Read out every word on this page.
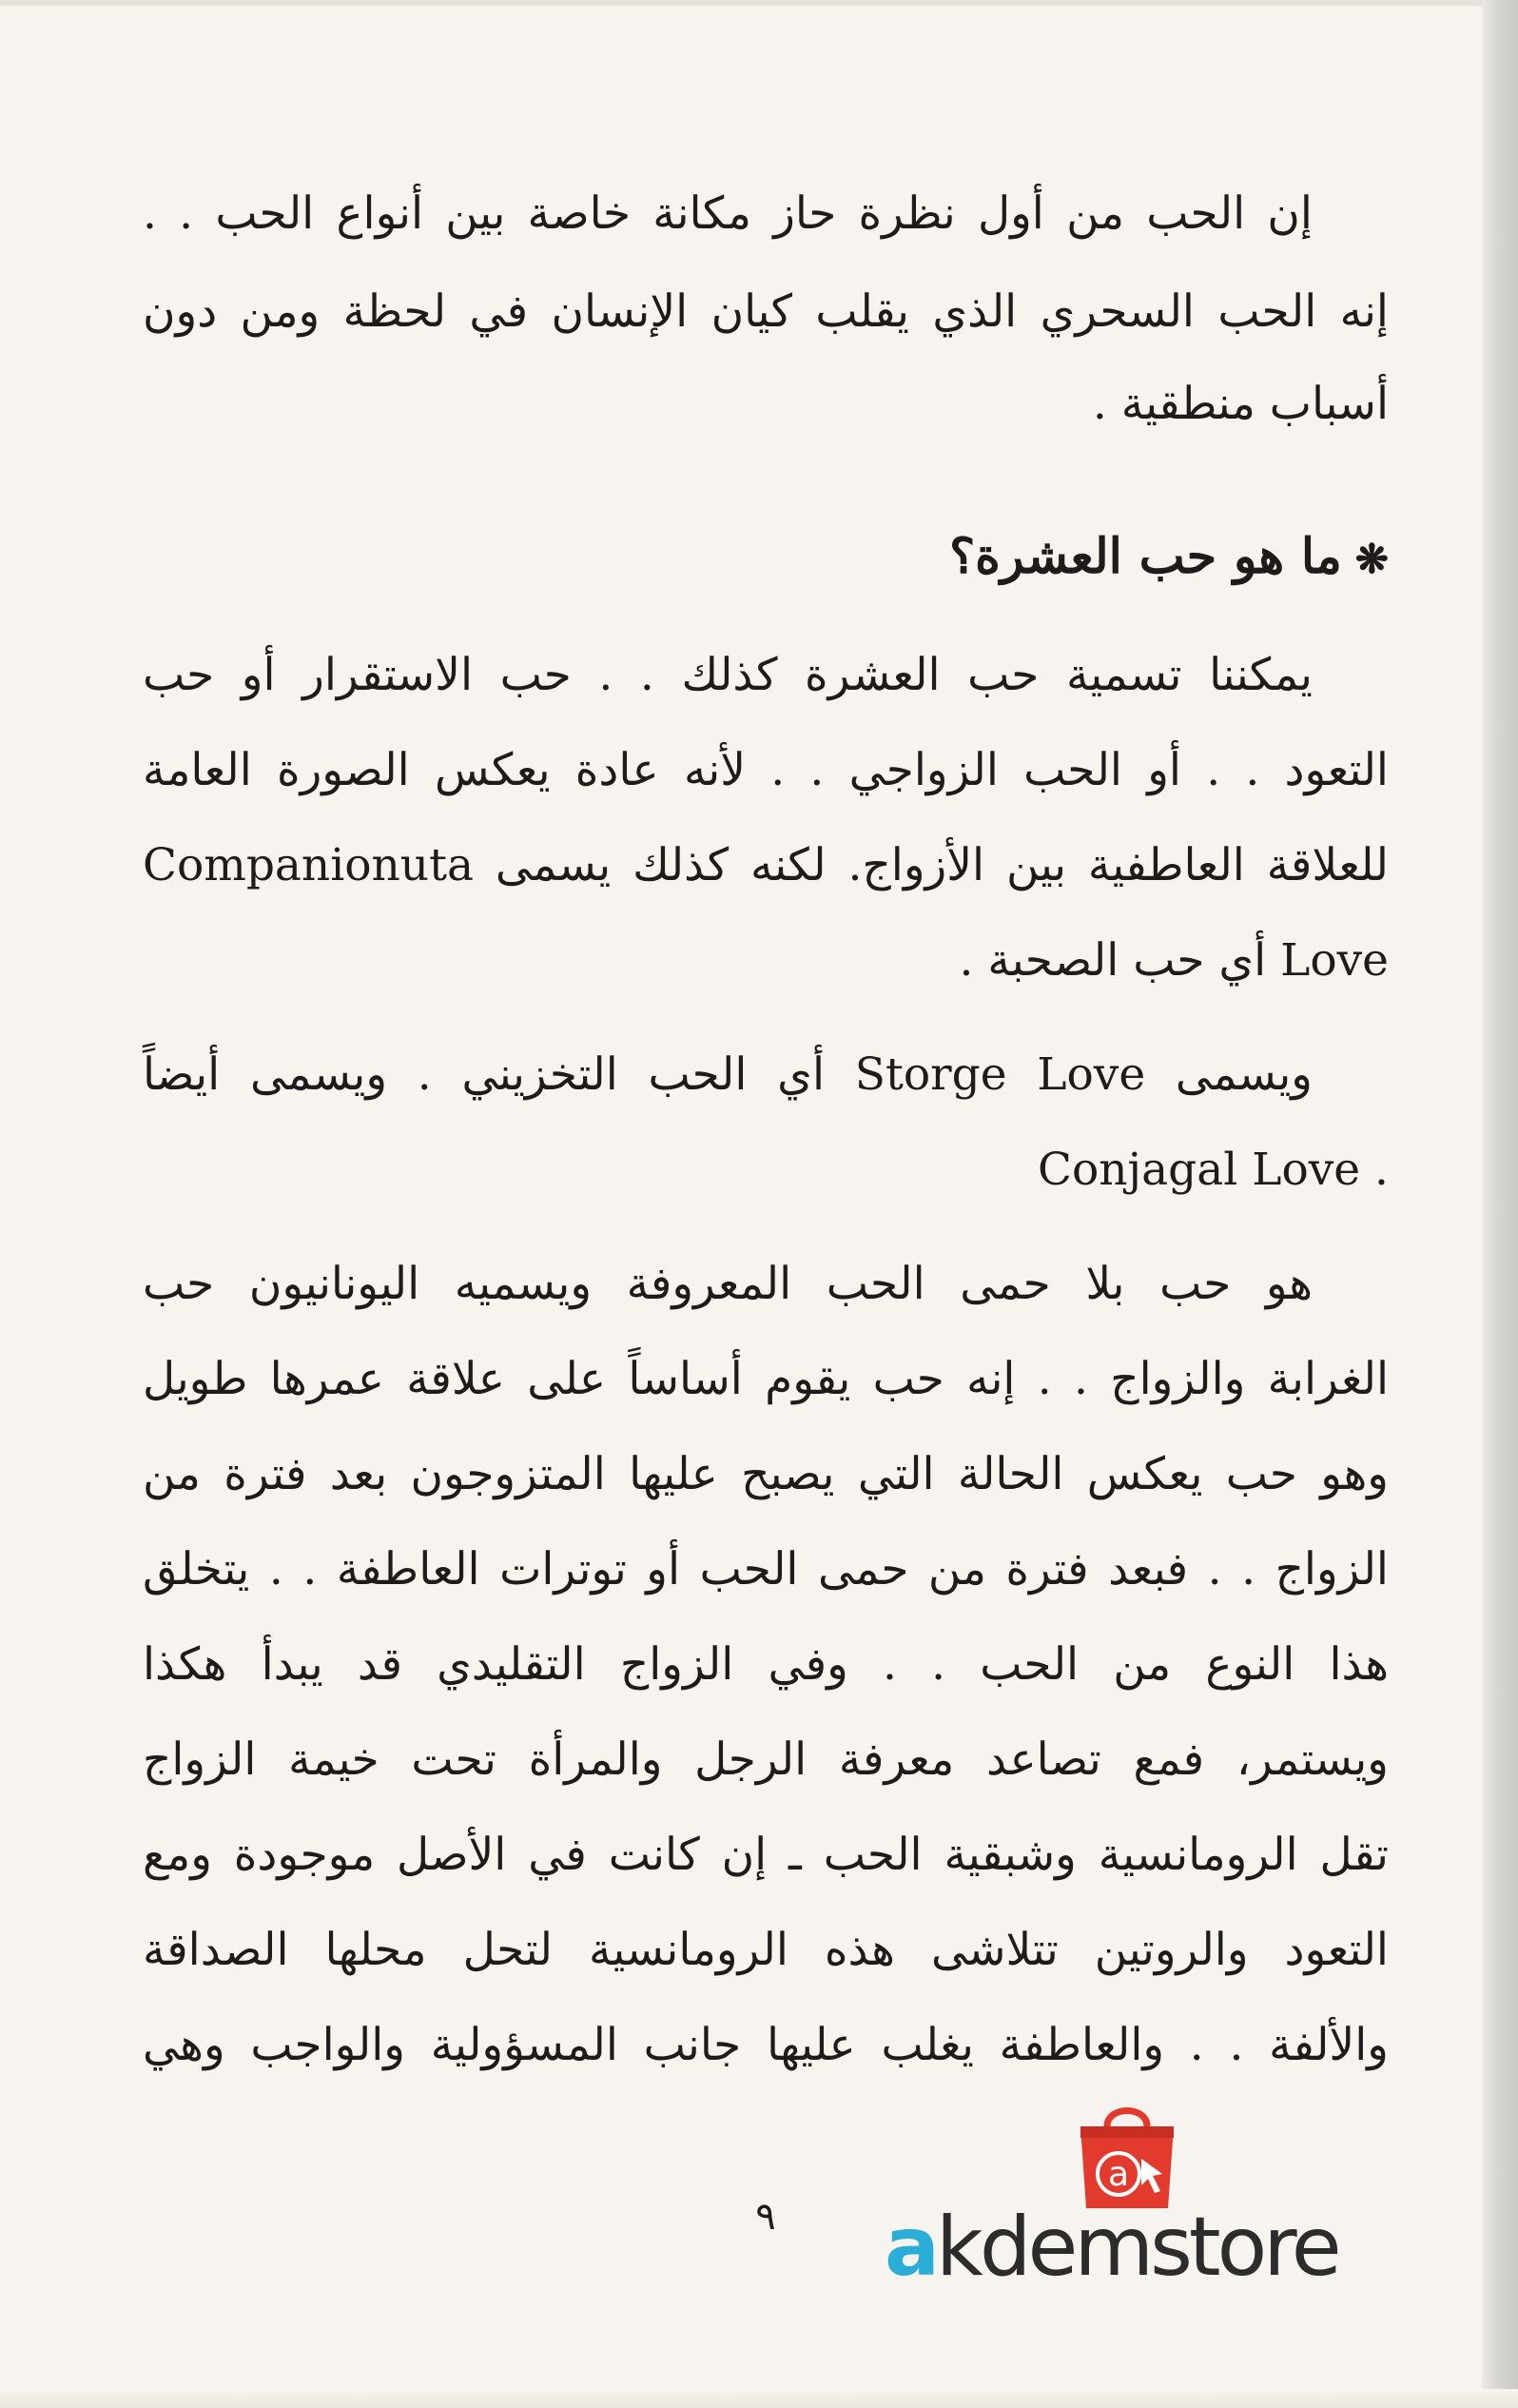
إن الحب من أول نظرة حاز مكانة خاصة بين أنواع الحب . .
إنه الحب السحري الذي يقلب كيان الإنسان في لحظة ومن دون
أسباب منطقية .
❋ما هو حب العشرة؟
يمكننا تسمية حب العشرة كذلك . . حب الاستقرار أو حب
التعود . . أو الحب الزواجي . . لأنه عادة يعكس الصورة العامة
للعلاقة العاطفية بين الأزواج. لكنه كذلك يسمى Companionuta
Love أي حب الصحبة .
ويسمى Storge Love أي الحب التخزيني . ويسمى أيضاً
. Conjagal Love
هو حب بلا حمى الحب المعروفة ويسميه اليونانيون حب
الغرابة والزواج . . إنه حب يقوم أساساً على علاقة عمرها طويل
وهو حب يعكس الحالة التي يصبح عليها المتزوجون بعد فترة من
الزواج . . فبعد فترة من حمى الحب أو توترات العاطفة . . يتخلق
هذا النوع من الحب . . وفي الزواج التقليدي قد يبدأ هكذا
ويستمر، فمع تصاعد معرفة الرجل والمرأة تحت خيمة الزواج
تقل الرومانسية وشبقية الحب ـ إن كانت في الأصل موجودة ومع
التعود والروتين تتلاشى هذه الرومانسية لتحل محلها الصداقة
والألفة . . والعاطفة يغلب عليها جانب المسؤولية والواجب وهي
٩
a
akdemstore
